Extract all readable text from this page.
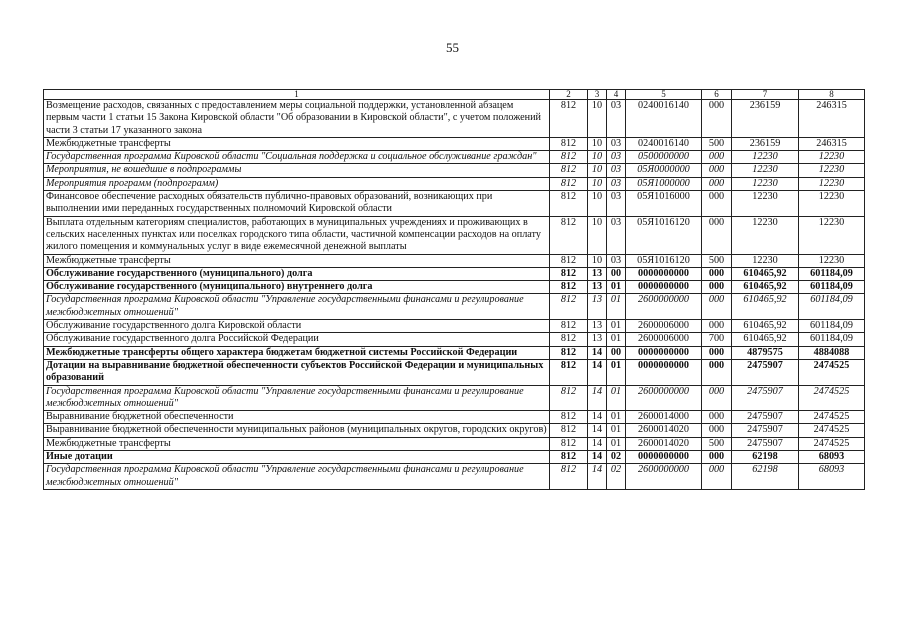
55
1	2	3	4	5	6	7	8
Возмещение расходов, связанных с предоставлением меры социальной поддержки, установленной абзацем первым части 1 статьи 15 Закона Кировской области "Об образовании в Кировской области", с учетом положений части 3 статьи 17 указанного закона	812	10	03	0240016140	000	236159	246315
Межбюджетные трансферты	812	10	03	0240016140	500	236159	246315
Государственная программа Кировской области "Социальная поддержка и социальное обслуживание граждан"	812	10	03	0500000000	000	12230	12230
Мероприятия, не вошедшие в подпрограммы	812	10	03	05Я0000000	000	12230	12230
Мероприятия программ (подпрограмм)	812	10	03	05Я1000000	000	12230	12230
Финансовое обеспечение расходных обязательств публично-правовых образований, возникающих при выполнении ими переданных государственных полномочий Кировской области	812	10	03	05Я1016000	000	12230	12230
Выплата отдельным категориям специалистов, работающих в муниципальных учреждениях и проживающих в сельских населенных пунктах или поселках городского типа области, частичной компенсации расходов на оплату жилого помещения и коммунальных услуг в виде ежемесячной денежной выплаты	812	10	03	05Я1016120	000	12230	12230
Межбюджетные трансферты	812	10	03	05Я1016120	500	12230	12230
Обслуживание государственного (муниципального) долга	812	13	00	0000000000	000	610465,92	601184,09
Обслуживание государственного (муниципального) внутреннего долга	812	13	01	0000000000	000	610465,92	601184,09
Государственная программа Кировской области "Управление государственными финансами и регулирование межбюджетных отношений"	812	13	01	2600000000	000	610465,92	601184,09
Обслуживание государственного долга Кировской области	812	13	01	2600006000	000	610465,92	601184,09
Обслуживание государственного долга Российской Федерации	812	13	01	2600006000	700	610465,92	601184,09
Межбюджетные трансферты общего характера бюджетам бюджетной системы Российской Федерации	812	14	00	0000000000	000	4879575	4884088
Дотации на выравнивание бюджетной обеспеченности субъектов Российской Федерации и муниципальных образований	812	14	01	0000000000	000	2475907	2474525
Государственная программа Кировской области "Управление государственными финансами и регулирование межбюджетных отношений"	812	14	01	2600000000	000	2475907	2474525
Выравнивание бюджетной обеспеченности	812	14	01	2600014000	000	2475907	2474525
Выравнивание бюджетной обеспеченности муниципальных районов (муниципальных округов, городских округов)	812	14	01	2600014020	000	2475907	2474525
Межбюджетные трансферты	812	14	01	2600014020	500	2475907	2474525
Иные дотации	812	14	02	0000000000	000	62198	68093
Государственная программа Кировской области "Управление государственными финансами и регулирование межбюджетных отношений"	812	14	02	2600000000	000	62198	68093
